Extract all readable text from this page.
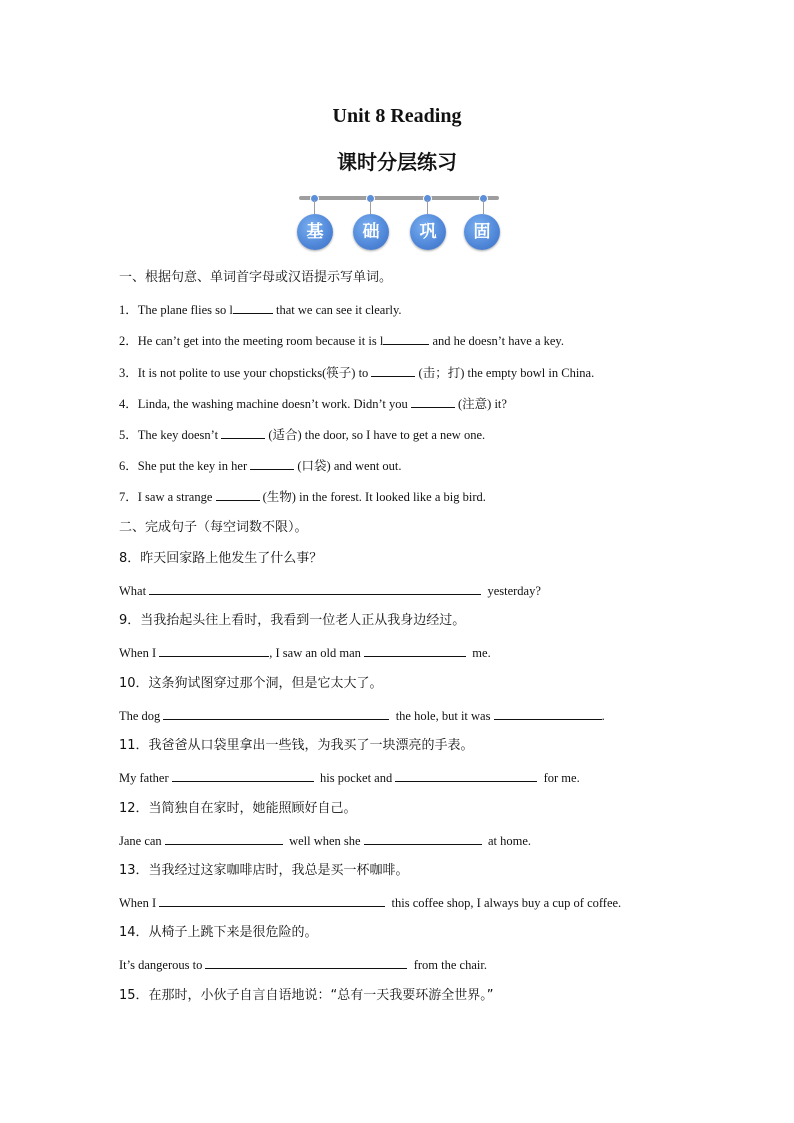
Unit 8 Reading
课时分层练习
基	础	巩	固
一、根据句意、单词首字母或汉语提示写单词。
1．The plane flies so l	that we can see it clearly.
2．He can’t get into the meeting room because it is l	and he doesn’t have a key.
3．It is not polite to use your chopsticks(筷子) to	(击；打) the empty bowl in China.
4．Linda, the washing machine doesn’t work. Didn’t you	(注意) it?
5．The key doesn’t	(适合) the door, so I have to get a new one.
6．She put the key in her	(口袋) and went out.
7．I saw a strange	(生物) in the forest. It looked like a big bird.
二、完成句子（每空词数不限）。
8．昨天回家路上他发生了什么事？
What	yesterday?
9．当我抬起头往上看时，我看到一位老人正从我身边经过。
When I	, I saw an old man	me.
10．这条狗试图穿过那个洞，但是它太大了。
The dog	the hole, but it was	.
11．我爸爸从口袋里拿出一些钱，为我买了一块漂亮的手表。
My father	his pocket and	for me.
12．当简独自在家时，她能照顾好自己。
Jane can	well when she	at home.
13．当我经过这家咖啡店时，我总是买一杯咖啡。
When I	this coffee shop, I always buy a cup of coffee.
14．从椅子上跳下来是很危险的。
It’s dangerous to	from the chair.
15．在那时，小伙子自言自语地说：“总有一天我要环游全世界。”
